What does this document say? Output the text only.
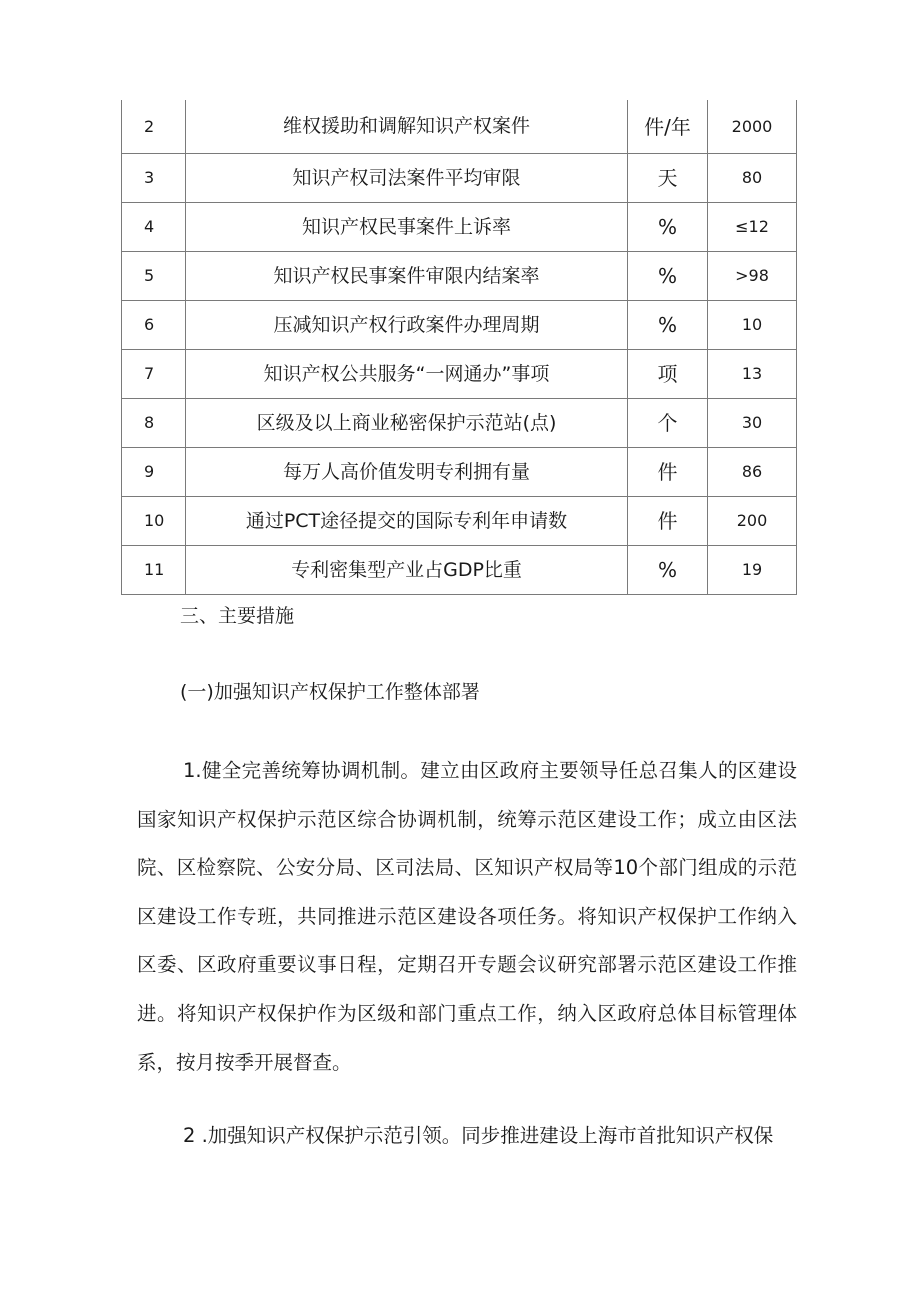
2	维权援助和调解知识产权案件	件/年	2000
3	知识产权司法案件平均审限	天	80
4	知识产权民事案件上诉率	%	≤12
5	知识产权民事案件审限内结案率	%	>98
6	压减知识产权行政案件办理周期	%	10
7	知识产权公共服务“一网通办”事项	项	13
8	区级及以上商业秘密保护示范站(点)	个	30
9	每万人高价值发明专利拥有量	件	86
10	通过PCT途径提交的国际专利年申请数	件	200
11	专利密集型产业占GDP比重	%	19
三、主要措施
(一)加强知识产权保护工作整体部署

1.健全完善统筹协调机制。建立由区政府主要领导任总召集人的区建设国家知识产权保护示范区综合协调机制，统筹示范区建设工作；成立由区法院、区检察院、公安分局、区司法局、区知识产权局等10个部门组成的示范区建设工作专班，共同推进示范区建设各项任务。将知识产权保护工作纳入区委、区政府重要议事日程，定期召开专题会议研究部署示范区建设工作推进。将知识产权保护作为区级和部门重点工作，纳入区政府总体目标管理体系，按月按季开展督查。

2 .加强知识产权保护示范引领。同步推进建设上海市首批知识产权保
